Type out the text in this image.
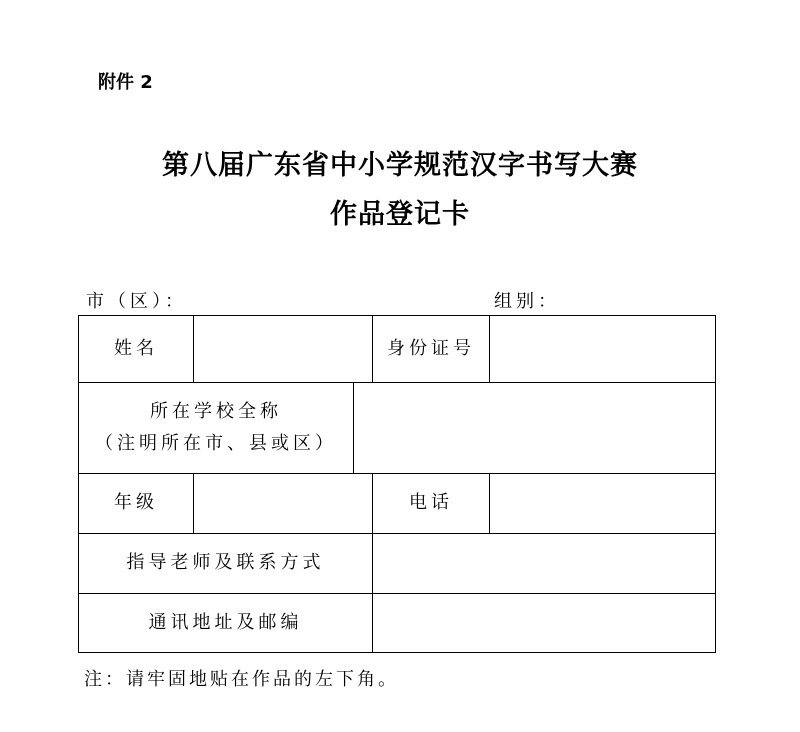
附件 2
第八届广东省中小学规范汉字书写大赛
作品登记卡
市（区）：	组别：
姓名	身份证号
所在学校全称
（注明所在市、县或区）
年级	电话
指导老师及联系方式
通讯地址及邮编
注：请牢固地贴在作品的左下角。
